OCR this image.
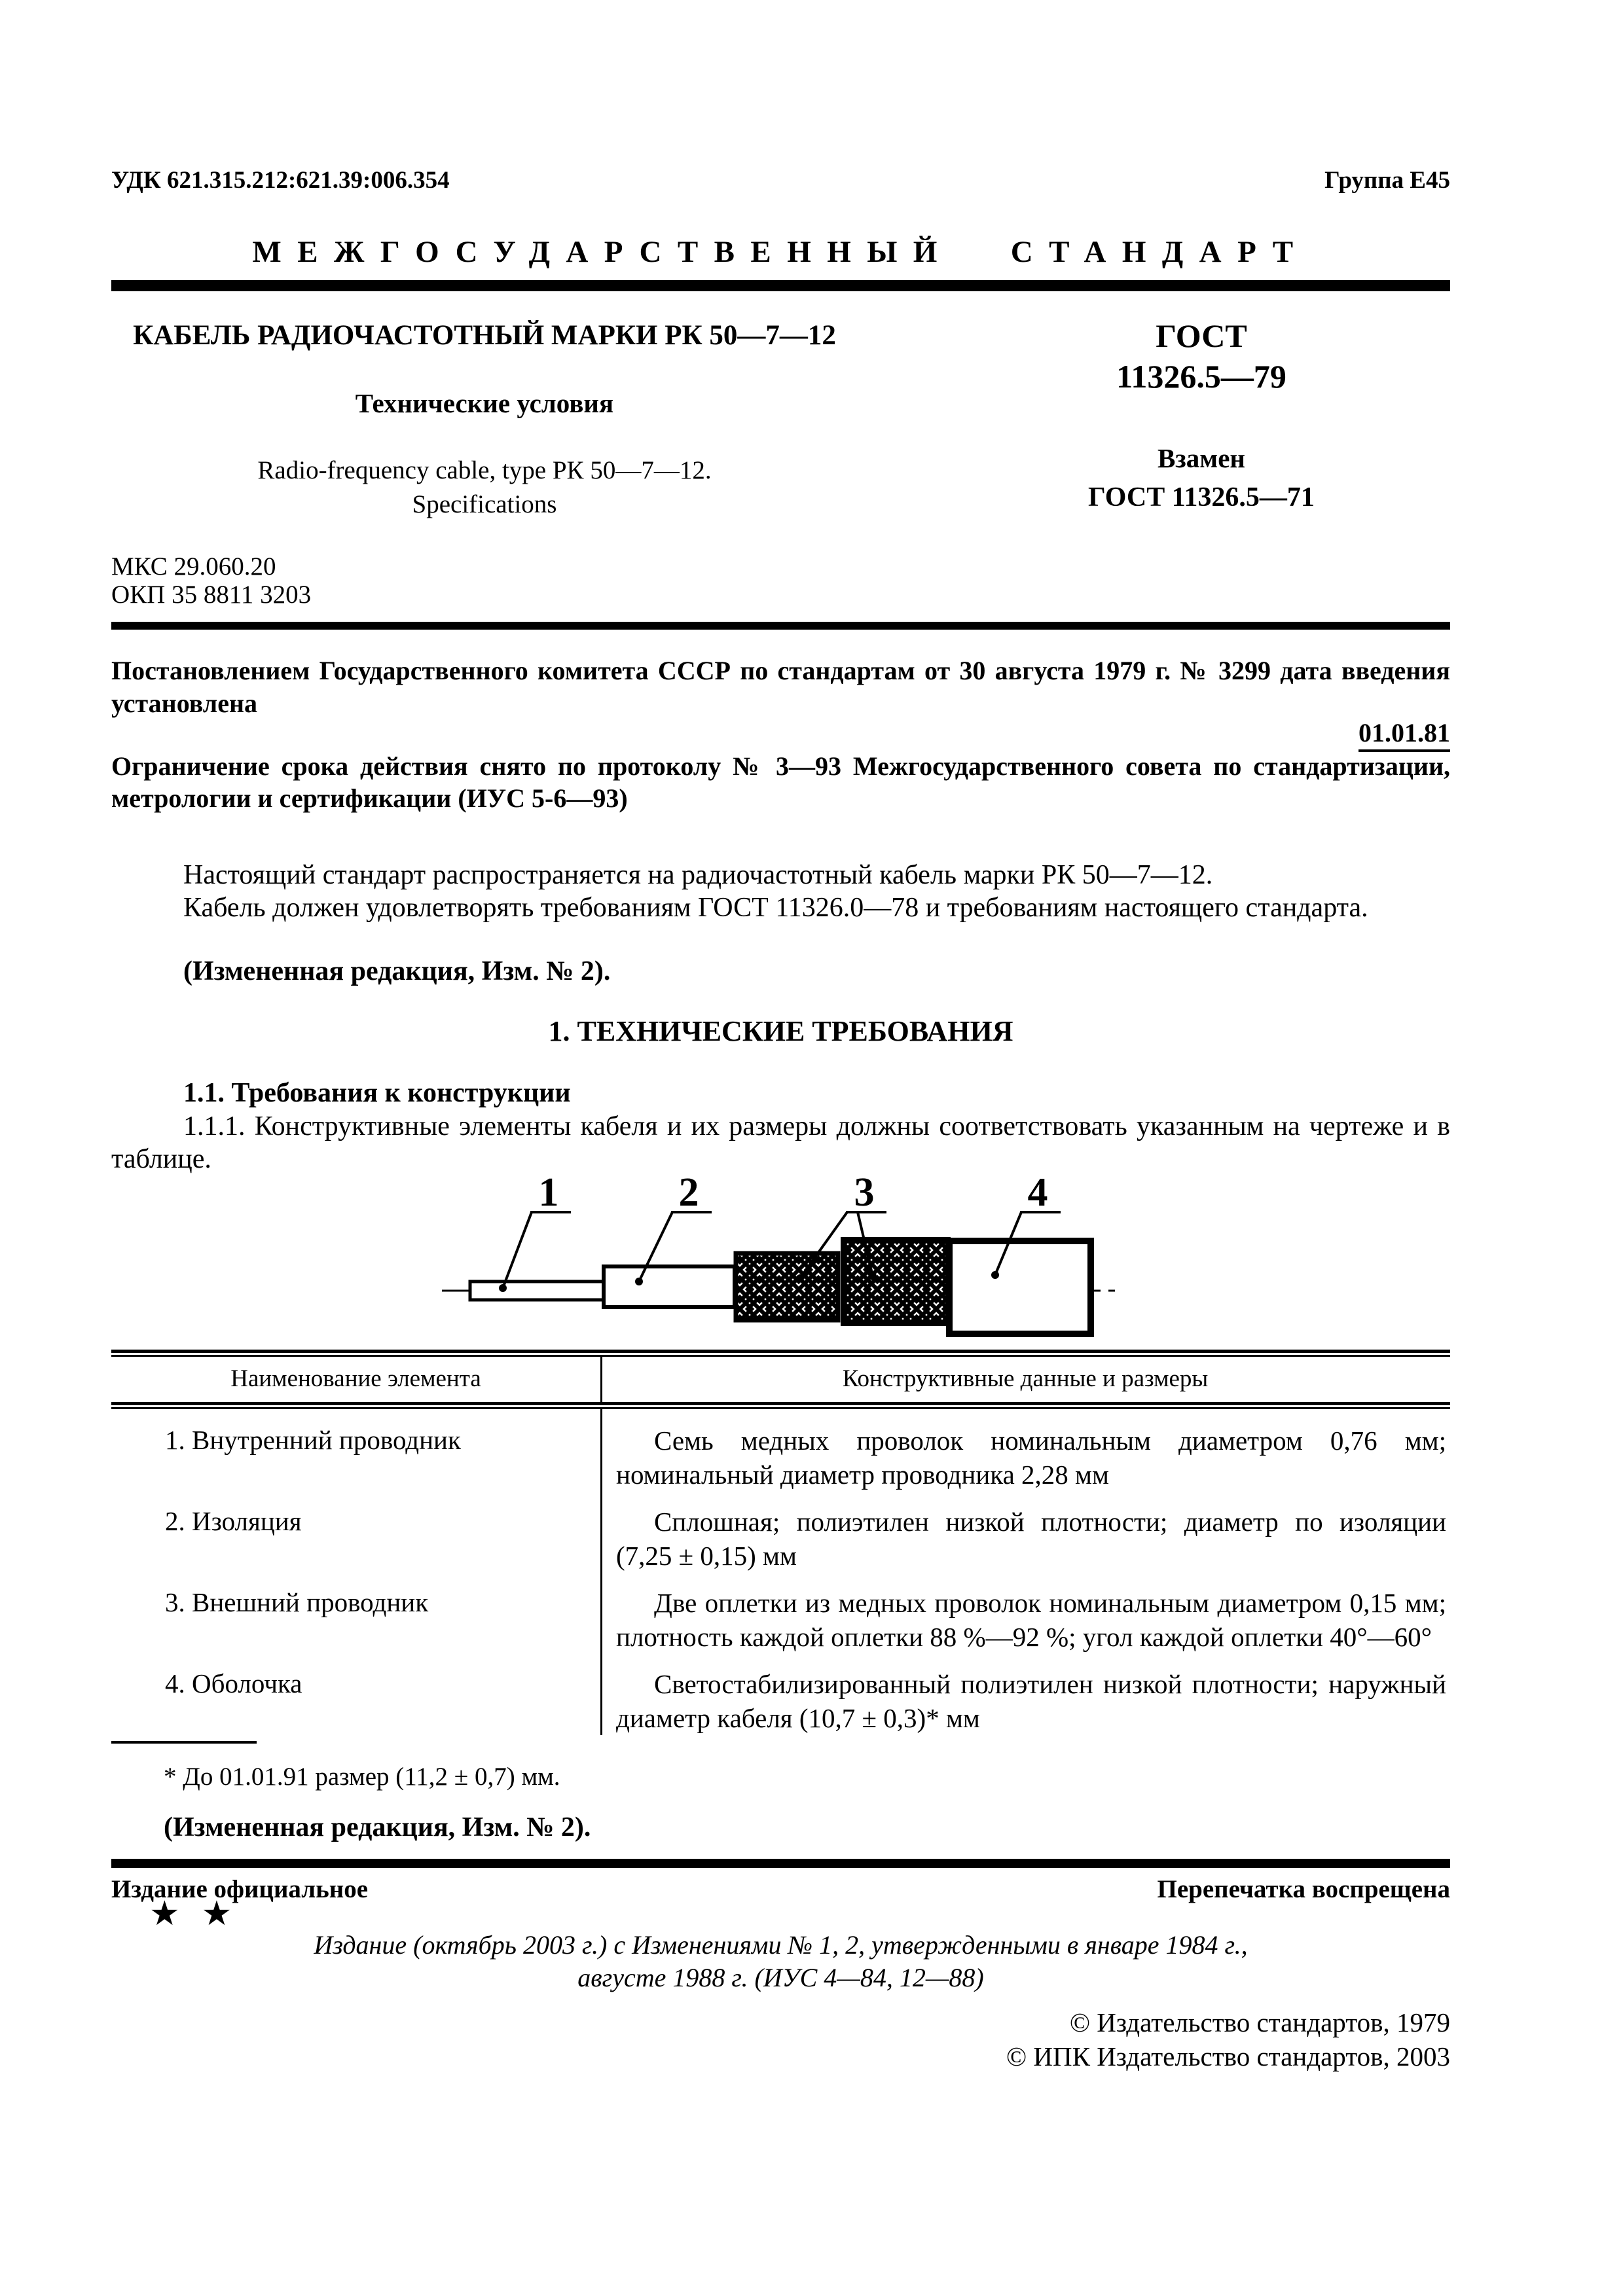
УДК 621.315.212:621.39:006.354	Группа Е45
МЕЖГОСУДАРСТВЕННЫЙ СТАНДАРТ
КАБЕЛЬ РАДИОЧАСТОТНЫЙ МАРКИ РК 50—7—12
Технические условия
Radio-frequency cable, type РК 50—7—12.
Specifications
ГОСТ
11326.5—79
Взамен
ГОСТ 11326.5—71
МКС 29.060.20
ОКП 35 8811 3203
Постановлением Государственного комитета СССР по стандартам от 30 августа 1979 г. № 3299 дата введения установлена
01.01.81
Ограничение срока действия снято по протоколу № 3—93 Межгосударственного совета по стандартизации, метрологии и сертификации (ИУС 5-6—93)
Настоящий стандарт распространяется на радиочастотный кабель марки РК 50—7—12.
Кабель должен удовлетворять требованиям ГОСТ 11326.0—78 и требованиям настоящего стандарта.
(Измененная редакция, Изм. № 2).
1. ТЕХНИЧЕСКИЕ ТРЕБОВАНИЯ
1.1. Требования к конструкции
1.1.1. Конструктивные элементы кабеля и их размеры должны соответствовать указанным на чертеже и в таблице.
1	2	3	4
Наименование элемента	Конструктивные данные и размеры
1. Внутренний проводник	Семь медных проволок номинальным диаметром 0,76 мм; номинальный диаметр проводника 2,28 мм

2. Изоляция	Сплошная; полиэтилен низкой плотности; диаметр по изоляции (7,25 ± 0,15) мм

3. Внешний проводник	Две оплетки из медных проволок номинальным диаметром 0,15 мм; плотность каждой оплетки 88 %—92 %; угол каждой оплетки 40°—60°

4. Оболочка	Светостабилизированный полиэтилен низкой плотности; наружный диаметр кабеля (10,7 ± 0,3)* мм

* До 01.01.91 размер (11,2 ± 0,7) мм.
(Измененная редакция, Изм. № 2).
Издание официальное	Перепечатка воспрещена
★ ★
Издание (октябрь 2003 г.) с Изменениями № 1, 2, утвержденными в январе 1984 г.,
августе 1988 г. (ИУС 4—84, 12—88)
© Издательство стандартов, 1979
© ИПК Издательство стандартов, 2003
